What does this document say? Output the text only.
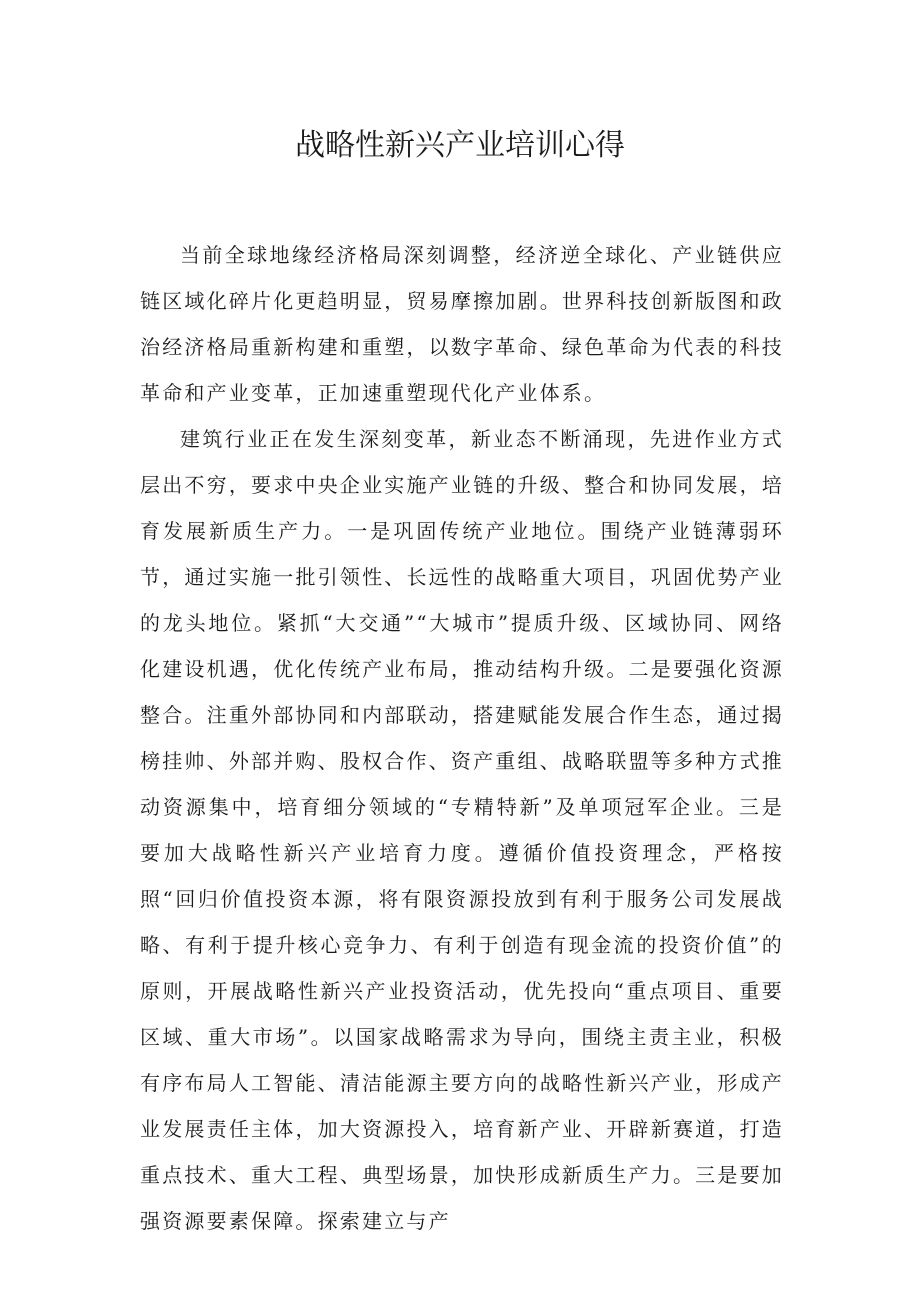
战略性新兴产业培训心得

当前全球地缘经济格局深刻调整，经济逆全球化、产业链供应链区域化碎片化更趋明显，贸易摩擦加剧。世界科技创新版图和政治经济格局重新构建和重塑，以数字革命、绿色革命为代表的科技革命和产业变革，正加速重塑现代化产业体系。

建筑行业正在发生深刻变革，新业态不断涌现，先进作业方式层出不穷，要求中央企业实施产业链的升级、整合和协同发展，培育发展新质生产力。一是巩固传统产业地位。围绕产业链薄弱环节，通过实施一批引领性、长远性的战略重大项目，巩固优势产业的龙头地位。紧抓“大交通”“大城市”提质升级、区域协同、网络化建设机遇，优化传统产业布局，推动结构升级。二是要强化资源整合。注重外部协同和内部联动，搭建赋能发展合作生态，通过揭榜挂帅、外部并购、股权合作、资产重组、战略联盟等多种方式推动资源集中，培育细分领域的“专精特新”及单项冠军企业。三是要加大战略性新兴产业培育力度。遵循价值投资理念，严格按照“回归价值投资本源，将有限资源投放到有利于服务公司发展战略、有利于提升核心竞争力、有利于创造有现金流的投资价值”的原则，开展战略性新兴产业投资活动，优先投向“重点项目、重要区域、重大市场”。以国家战略需求为导向，围绕主责主业，积极有序布局人工智能、清洁能源主要方向的战略性新兴产业，形成产业发展责任主体，加大资源投入，培育新产业、开辟新赛道，打造重点技术、重大工程、典型场景，加快形成新质生产力。三是要加强资源要素保障。探索建立与产
